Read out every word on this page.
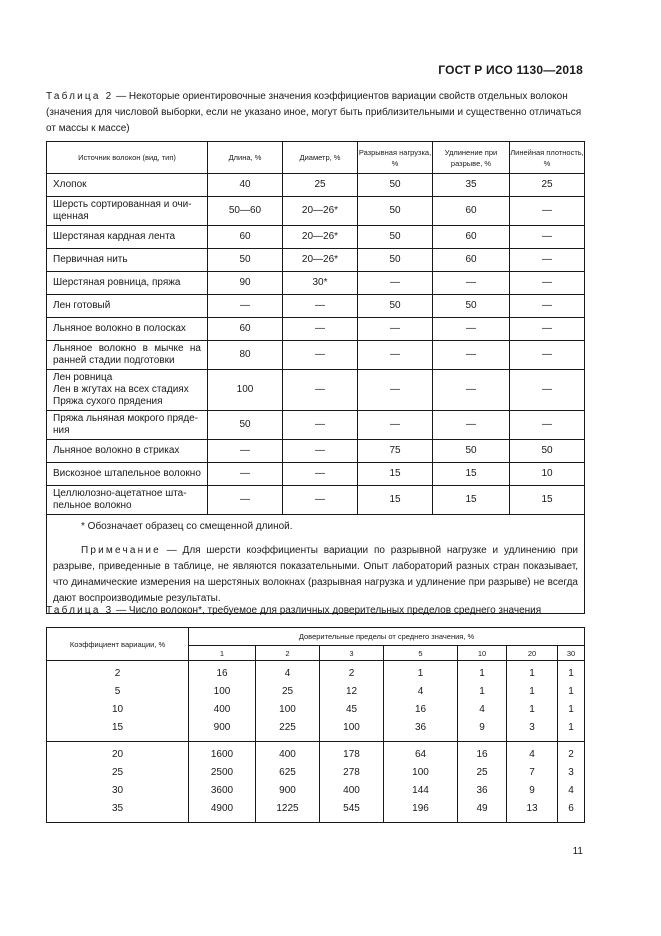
ГОСТ Р ИСО 1130—2018
Таблица 2 — Некоторые ориентировочные значения коэффициентов вариации свойств отдельных волокон (значения для числовой выборки, если не указано иное, могут быть приблизительными и существенно отличаться от массы к массе)
Источник волокон (вид, тип)	Длина, %	Диаметр, %	Разрывная нагрузка, %	Удлинение при разрыве, %	Линейная плотность, %
Хлопок	40	25	50	35	25
Шерсть сортированная и очи-
щенная	50—60	20—26*	50	60	—
Шерстяная кардная лента	60	20—26*	50	60	—
Первичная нить	50	20—26*	50	60	—
Шерстяная ровница, пряжа	90	30*	—	—	—
Лен готовый	—	—	50	50	—
Льняное волокно в полосках	60	—	—	—	—
Льняное волокно в мычке на ранней стадии подготовки	80	—	—	—	—
Лен ровница
Лен в жгутах на всех стадиях
Пряжа сухого прядения	100	—	—	—	—
Пряжа льняная мокрого пряде-
ния	50	—	—	—	—
Льняное волокно в стриках	—	—	75	50	50
Вискозное штапельное волокно	—	—	15	15	10
Целлюлозно-ацетатное шта-
пельное волокно	—	—	15	15	15

* Обозначает образец со смещенной длиной.
Примечание — Для шерсти коэффициенты вариации по разрывной нагрузке и удлинению при разрыве, приведенные в таблице, не являются показательными. Опыт лабораторий разных стран показывает, что динамические измерения на шерстяных волокнах (разрывная нагрузка и удлинение при разрыве) не всегда дают воспроизводимые результаты.					
Таблица 3 — Число волокон*, требуемое для различных доверительных пределов среднего значения
Коэффициент вариации, %	Доверительные пределы от среднего значения, %						
	1	2	3	5	10	20	30
2	16	4	2	1	1	1	1
5	100	25	12	4	1	1	1
10	400	100	45	16	4	1	1
15	900	225	100	36	9	3	1
20	1600	400	178	64	16	4	2
25	2500	625	278	100	25	7	3
30	3600	900	400	144	36	9	4
35	4900	1225	545	196	49	13	6
11
